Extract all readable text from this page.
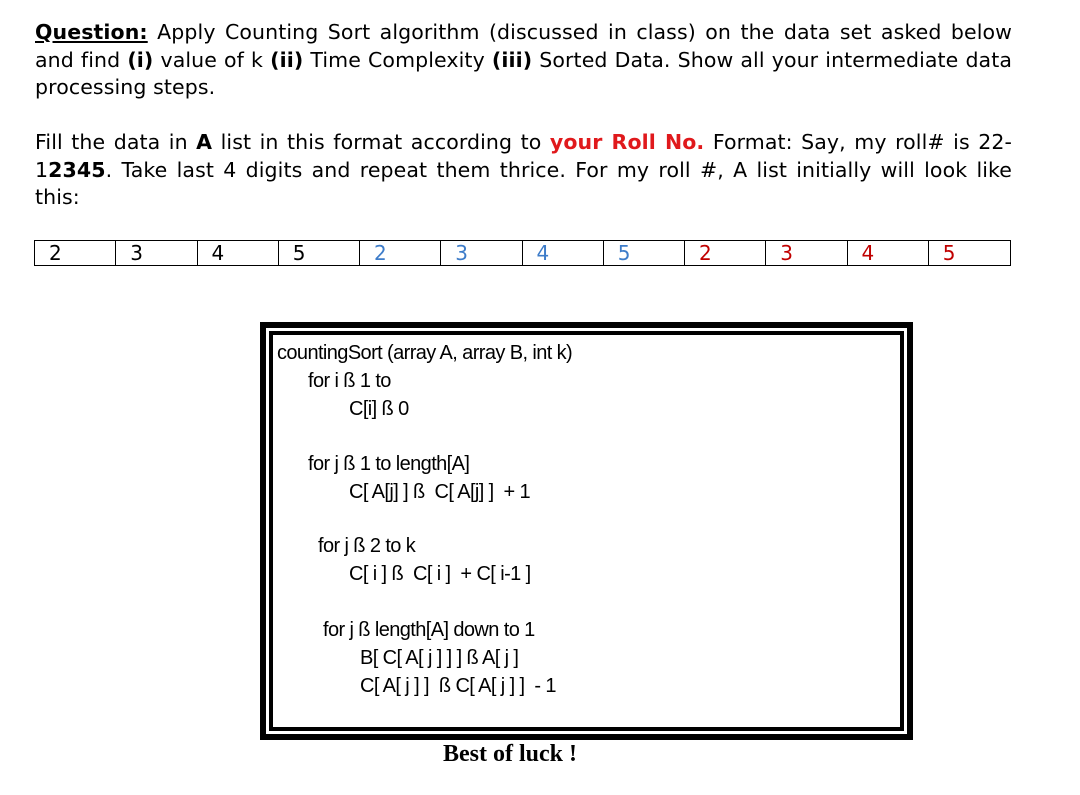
Question: Apply Counting Sort algorithm (discussed in class) on the data set asked below and find (i) value of k (ii) Time Complexity (iii) Sorted Data. Show all your intermediate data processing steps.
Fill the data in A list in this format according to your Roll No. Format: Say, my roll# is 22-12345. Take last 4 digits and repeat them thrice. For my roll #, A list initially will look like this:
2	3	4	5	2	3	4	5	2	3	4	5
countingSort (array A, array B, int k)
for i ß 1 to
C[i] ß 0
for j ß 1 to length[A]
C[ A[j] ] ß  C[ A[j] ]  + 1
for j ß 2 to k
C[ i ] ß  C[ i ]  + C[ i-1 ]
for j ß length[A] down to 1
B[ C[ A[ j ] ] ] ß A[ j ]
C[ A[ j ] ]  ß C[ A[ j ] ]  - 1
Best of luck !
